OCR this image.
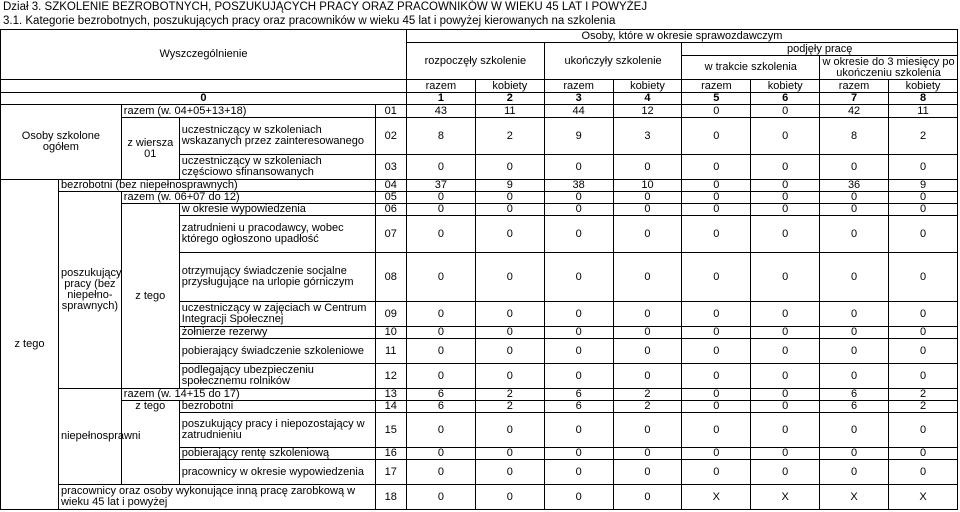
Dział 3. SZKOLENIE BEZROBOTNYCH, POSZUKUJĄCYCH PRACY ORAZ PRACOWNIKÓW W WIEKU 45 LAT I POWYŻEJ
3.1. Kategorie bezrobotnych, poszukujących pracy oraz pracowników w wieku 45 lat i powyżej kierowanych na szkolenia
Wyszczególnienie					Osoby, które w okresie sprawozdawczym							
					rozpoczęły szkolenie		ukończyły szkolenie		podjęły pracę			
									w trakcie szkolenia		w okresie do 3 miesięcy po ukończeniu szkolenia	
					razem	kobiety	razem	kobiety	razem	kobiety	razem	kobiety
0					1	2	3	4	5	6	7	8
Osoby szkolone ogółem		razem (w. 04+05+13+18)		01	43	11	44	12	0	0	42	11
		z wiersza 01	uczestniczący w szkoleniach wskazanych przez zainteresowanego	02	8	2	9	3	0	0	8	2
			uczestniczący w szkoleniach częściowo sfinansowanych	03	0	0	0	0	0	0	0	0
z tego	bezrobotni (bez niepełnosprawnych)			04	37	9	38	10	0	0	36	9
	poszukujący pracy (bez niepełno-sprawnych)	razem (w. 06+07 do 12)		05	0	0	0	0	0	0	0	0
		z tego	w okresie wypowiedzenia	06	0	0	0	0	0	0	0	0
			zatrudnieni u pracodawcy, wobec którego ogłoszono upadłość	07	0	0	0	0	0	0	0	0
			otrzymujący świadczenie socjalne przysługujące na urlopie górniczym	08	0	0	0	0	0	0	0	0
			uczestniczący w zajęciach w Centrum Integracji Społecznej	09	0	0	0	0	0	0	0	0
			żołnierze rezerwy	10	0	0	0	0	0	0	0	0
			pobierający świadczenie szkoleniowe	11	0	0	0	0	0	0	0	0
			podlegający ubezpieczeniu społecznemu rolników	12	0	0	0	0	0	0	0	0
	niepełnosprawni	razem (w. 14+15 do 17)		13	6	2	6	2	0	0	6	2
		z tego	bezrobotni	14	6	2	6	2	0	0	6	2
			poszukujący pracy i niepozostający w zatrudnieniu	15	0	0	0	0	0	0	0	0
			pobierający rentę szkoleniową	16	0	0	0	0	0	0	0	0
			pracownicy w okresie wypowiedzenia	17	0	0	0	0	0	0	0	0
	pracownicy oraz osoby wykonujące inną pracę zarobkową w wieku 45 lat i powyżej			18	0	0	0	0	X	X	X	X
